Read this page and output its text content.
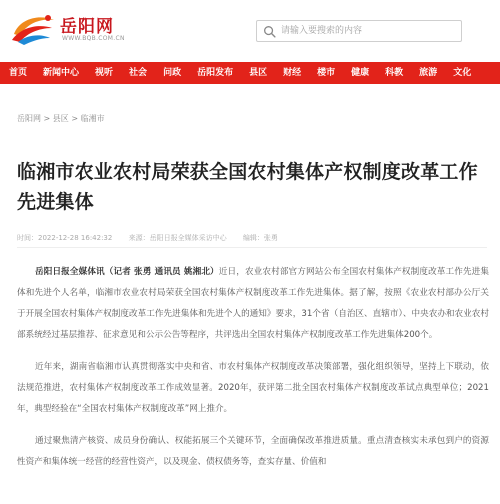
岳阳网
WWW.BQB.COM.CN
请输入要搜索的内容
首页 新闻中心 视听 社会 问政 岳阳发布 县区 财经 楼市 健康 科教 旅游 文化
岳阳网 > 县区 > 临湘市
临湘市农业农村局荣获全国农村集体产权制度改革工作先进集体
时间：2022-12-28 16:42:32 来源：岳阳日报全媒体采访中心 编辑：张勇

岳阳日报全媒体讯（记者 张勇 通讯员 姚湘北）近日，农业农村部官方网站公布全国农村集体产权制度改革工作先进集体和先进个人名单，临湘市农业农村局荣获全国农村集体产权制度改革工作先进集体。据了解，按照《农业农村部办公厅关于开展全国农村集体产权制度改革工作先进集体和先进个人的通知》要求，31个省（自治区、直辖市）、中央农办和农业农村部系统经过基层推荐、征求意见和公示公告等程序，共评选出全国农村集体产权制度改革工作先进集体200个。

近年来，湖南省临湘市认真贯彻落实中央和省、市农村集体产权制度改革决策部署，强化组织领导，坚持上下联动，依法规范推进，农村集体产权制度改革工作成效显著。2020年，获评第二批全国农村集体产权制度改革试点典型单位；2021年，典型经验在“全国农村集体产权制度改革”网上推介。

通过聚焦清产核资、成员身份确认、权能拓展三个关键环节，全面确保改革推进质量。重点清查核实未承包到户的资源性资产和集体统一经营的经营性资产，以及现金、债权债务等，查实存量、价值和
